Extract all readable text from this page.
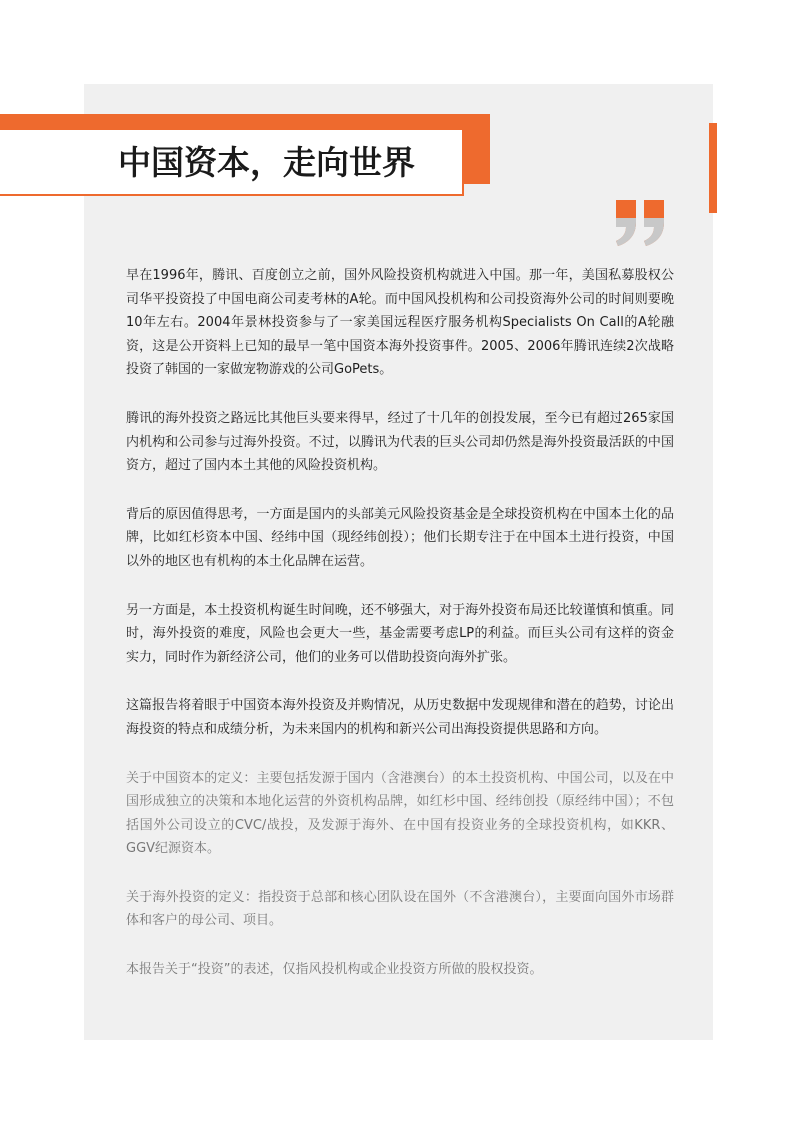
中国资本，走向世界

早在1996年，腾讯、百度创立之前，国外风险投资机构就进入中国。那一年，美国私募股权公司华平投资投了中国电商公司麦考林的A轮。而中国风投机构和公司投资海外公司的时间则要晚10年左右。2004年景林投资参与了一家美国远程医疗服务机构Specialists On Call的A轮融资，这是公开资料上已知的最早一笔中国资本海外投资事件。2005、2006年腾讯连续2次战略投资了韩国的一家做宠物游戏的公司GoPets。

腾讯的海外投资之路远比其他巨头要来得早，经过了十几年的创投发展，至今已有超过265家国内机构和公司参与过海外投资。不过，以腾讯为代表的巨头公司却仍然是海外投资最活跃的中国资方，超过了国内本土其他的风险投资机构。

背后的原因值得思考，一方面是国内的头部美元风险投资基金是全球投资机构在中国本土化的品牌，比如红杉资本中国、经纬中国（现经纬创投）；他们长期专注于在中国本土进行投资，中国以外的地区也有机构的本土化品牌在运营。

另一方面是，本土投资机构诞生时间晚，还不够强大，对于海外投资布局还比较谨慎和慎重。同时，海外投资的难度，风险也会更大一些，基金需要考虑LP的利益。而巨头公司有这样的资金实力，同时作为新经济公司，他们的业务可以借助投资向海外扩张。

这篇报告将着眼于中国资本海外投资及并购情况，从历史数据中发现规律和潜在的趋势，讨论出海投资的特点和成绩分析，为未来国内的机构和新兴公司出海投资提供思路和方向。

关于中国资本的定义：主要包括发源于国内（含港澳台）的本土投资机构、中国公司，以及在中国形成独立的决策和本地化运营的外资机构品牌，如红杉中国、经纬创投（原经纬中国）；不包括国外公司设立的CVC/战投，及发源于海外、在中国有投资业务的全球投资机构，如KKR、GGV纪源资本。

关于海外投资的定义：指投资于总部和核心团队设在国外（不含港澳台），主要面向国外市场群体和客户的母公司、项目。

本报告关于“投资”的表述，仅指风投机构或企业投资方所做的股权投资。
